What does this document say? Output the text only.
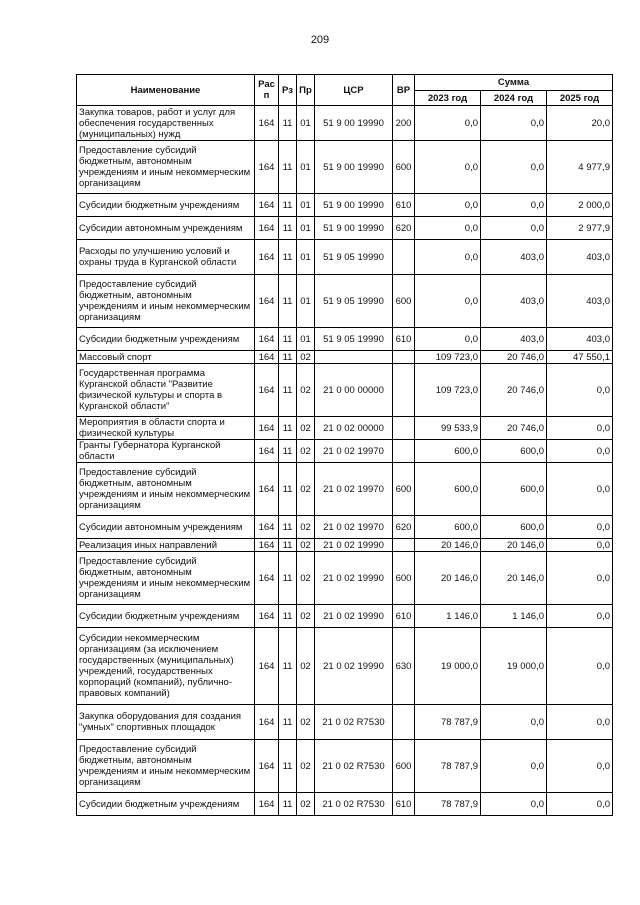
209
Наименование	Рас п	Рз	Пр	ЦСР	ВР	Сумма		
						2023 год	2024 год	2025 год
Закупка товаров, работ и услуг для обеспечения государственных (муниципальных) нужд	164	11	01	51 9 00 19990	200	0,0	0,0	20,0
Предоставление субсидий бюджетным, автономным учреждениям и иным некоммерческим организациям	164	11	01	51 9 00 19990	600	0,0	0,0	4 977,9
Субсидии бюджетным учреждениям	164	11	01	51 9 00 19990	610	0,0	0,0	2 000,0
Субсидии автономным учреждениям	164	11	01	51 9 00 19990	620	0,0	0,0	2 977,9
Расходы по улучшению условий и охраны труда в Курганской области	164	11	01	51 9 05 19990		0,0	403,0	403,0
Предоставление субсидий бюджетным, автономным учреждениям и иным некоммерческим организациям	164	11	01	51 9 05 19990	600	0,0	403,0	403,0
Субсидии бюджетным учреждениям	164	11	01	51 9 05 19990	610	0,0	403,0	403,0
Массовый спорт	164	11	02			109 723,0	20 746,0	47 550,1
Государственная программа Курганской области "Развитие физической культуры и спорта в Курганской области"	164	11	02	21 0 00 00000		109 723,0	20 746,0	0,0
Мероприятия в области спорта и физической культуры	164	11	02	21 0 02 00000		99 533,9	20 746,0	0,0
Гранты Губернатора Курганской области	164	11	02	21 0 02 19970		600,0	600,0	0,0
Предоставление субсидий бюджетным, автономным учреждениям и иным некоммерческим организациям	164	11	02	21 0 02 19970	600	600,0	600,0	0,0
Субсидии автономным учреждениям	164	11	02	21 0 02 19970	620	600,0	600,0	0,0
Реализация иных направлений	164	11	02	21 0 02 19990		20 146,0	20 146,0	0,0
Предоставление субсидий бюджетным, автономным учреждениям и иным некоммерческим организациям	164	11	02	21 0 02 19990	600	20 146,0	20 146,0	0,0
Субсидии бюджетным учреждениям	164	11	02	21 0 02 19990	610	1 146,0	1 146,0	0,0
Субсидии некоммерческим организациям (за исключением государственных (муниципальных) учреждений, государственных корпораций (компаний), публично-правовых компаний)	164	11	02	21 0 02 19990	630	19 000,0	19 000,0	0,0
Закупка оборудования для создания "умных" спортивных площадок	164	11	02	21 0 02 R7530		78 787,9	0,0	0,0
Предоставление субсидий бюджетным, автономным учреждениям и иным некоммерческим организациям	164	11	02	21 0 02 R7530	600	78 787,9	0,0	0,0
Субсидии бюджетным учреждениям	164	11	02	21 0 02 R7530	610	78 787,9	0,0	0,0
